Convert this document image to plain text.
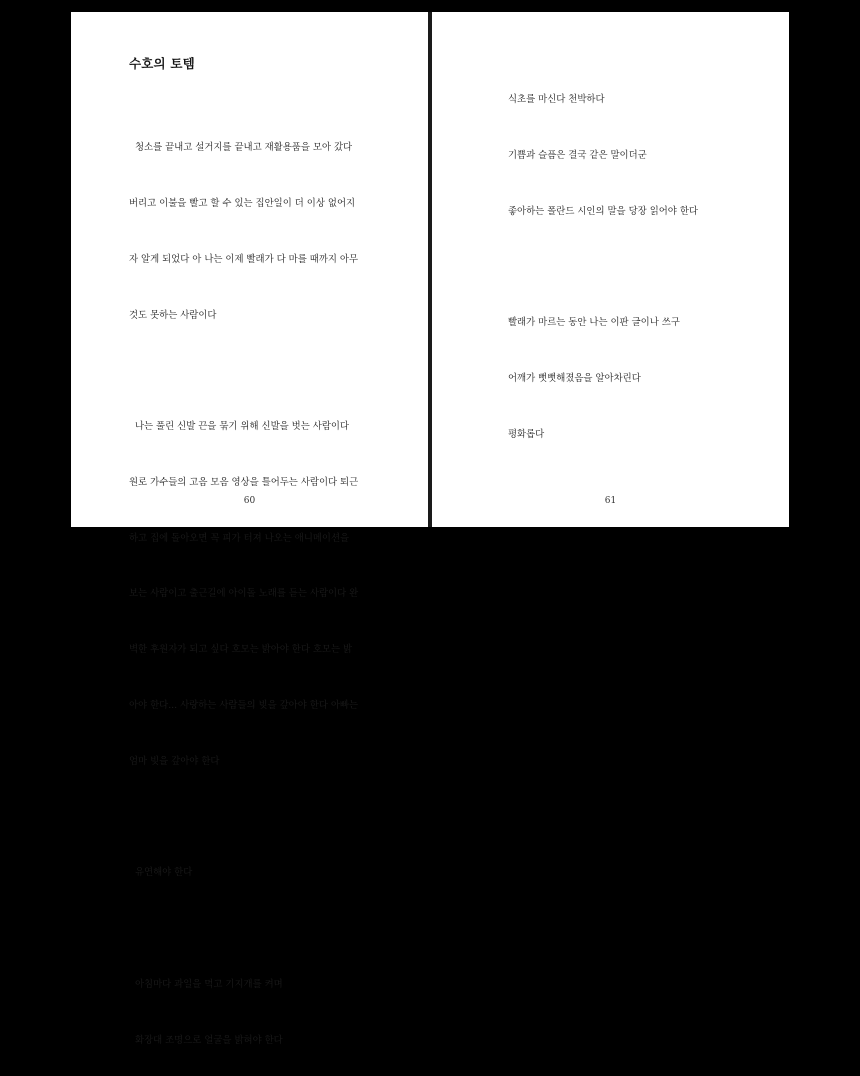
수호의 토템

청소를 끝내고 설거지를 끝내고 재활용품을 모아 갔다

버리고 이불을 빨고 할 수 있는 집안일이 더 이상 없어지

자 알게 되었다 아 나는 이제 빨래가 다 마를 때까지 아무

것도 못하는 사람이다

나는 풀린 신발 끈을 묶기 위해 신발을 벗는 사람이다

원로 가수들의 고음 모음 영상을 틀어두는 사람이다 퇴근

하고 집에 돌아오면 꼭 피가 터져 나오는 애니메이션을

보는 사람이고 출근길에 아이돌 노래를 듣는 사람이다 완

벽한 후원자가 되고 싶다 호모는 밝아야 한다 호모는 밝

아야 한다... 사랑하는 사람들의 빚을 갚아야 한다 아빠는

엄마 빚을 갚아야 한다

유연해야 한다

아침마다 과일을 먹고 기지개를 켜며

화장대 조명으로 얼굴을 밝혀야 한다

60

식초를 마신다 천박하다

기쁨과 슬픔은 결국 같은 말이더군

좋아하는 폴란드 시인의 말을 당장 읽어야 한다

빨래가 마르는 동안 나는 이판 글이나 쓰구

어깨가 뻣뻣해졌음을 알아차린다

평화롭다

61
